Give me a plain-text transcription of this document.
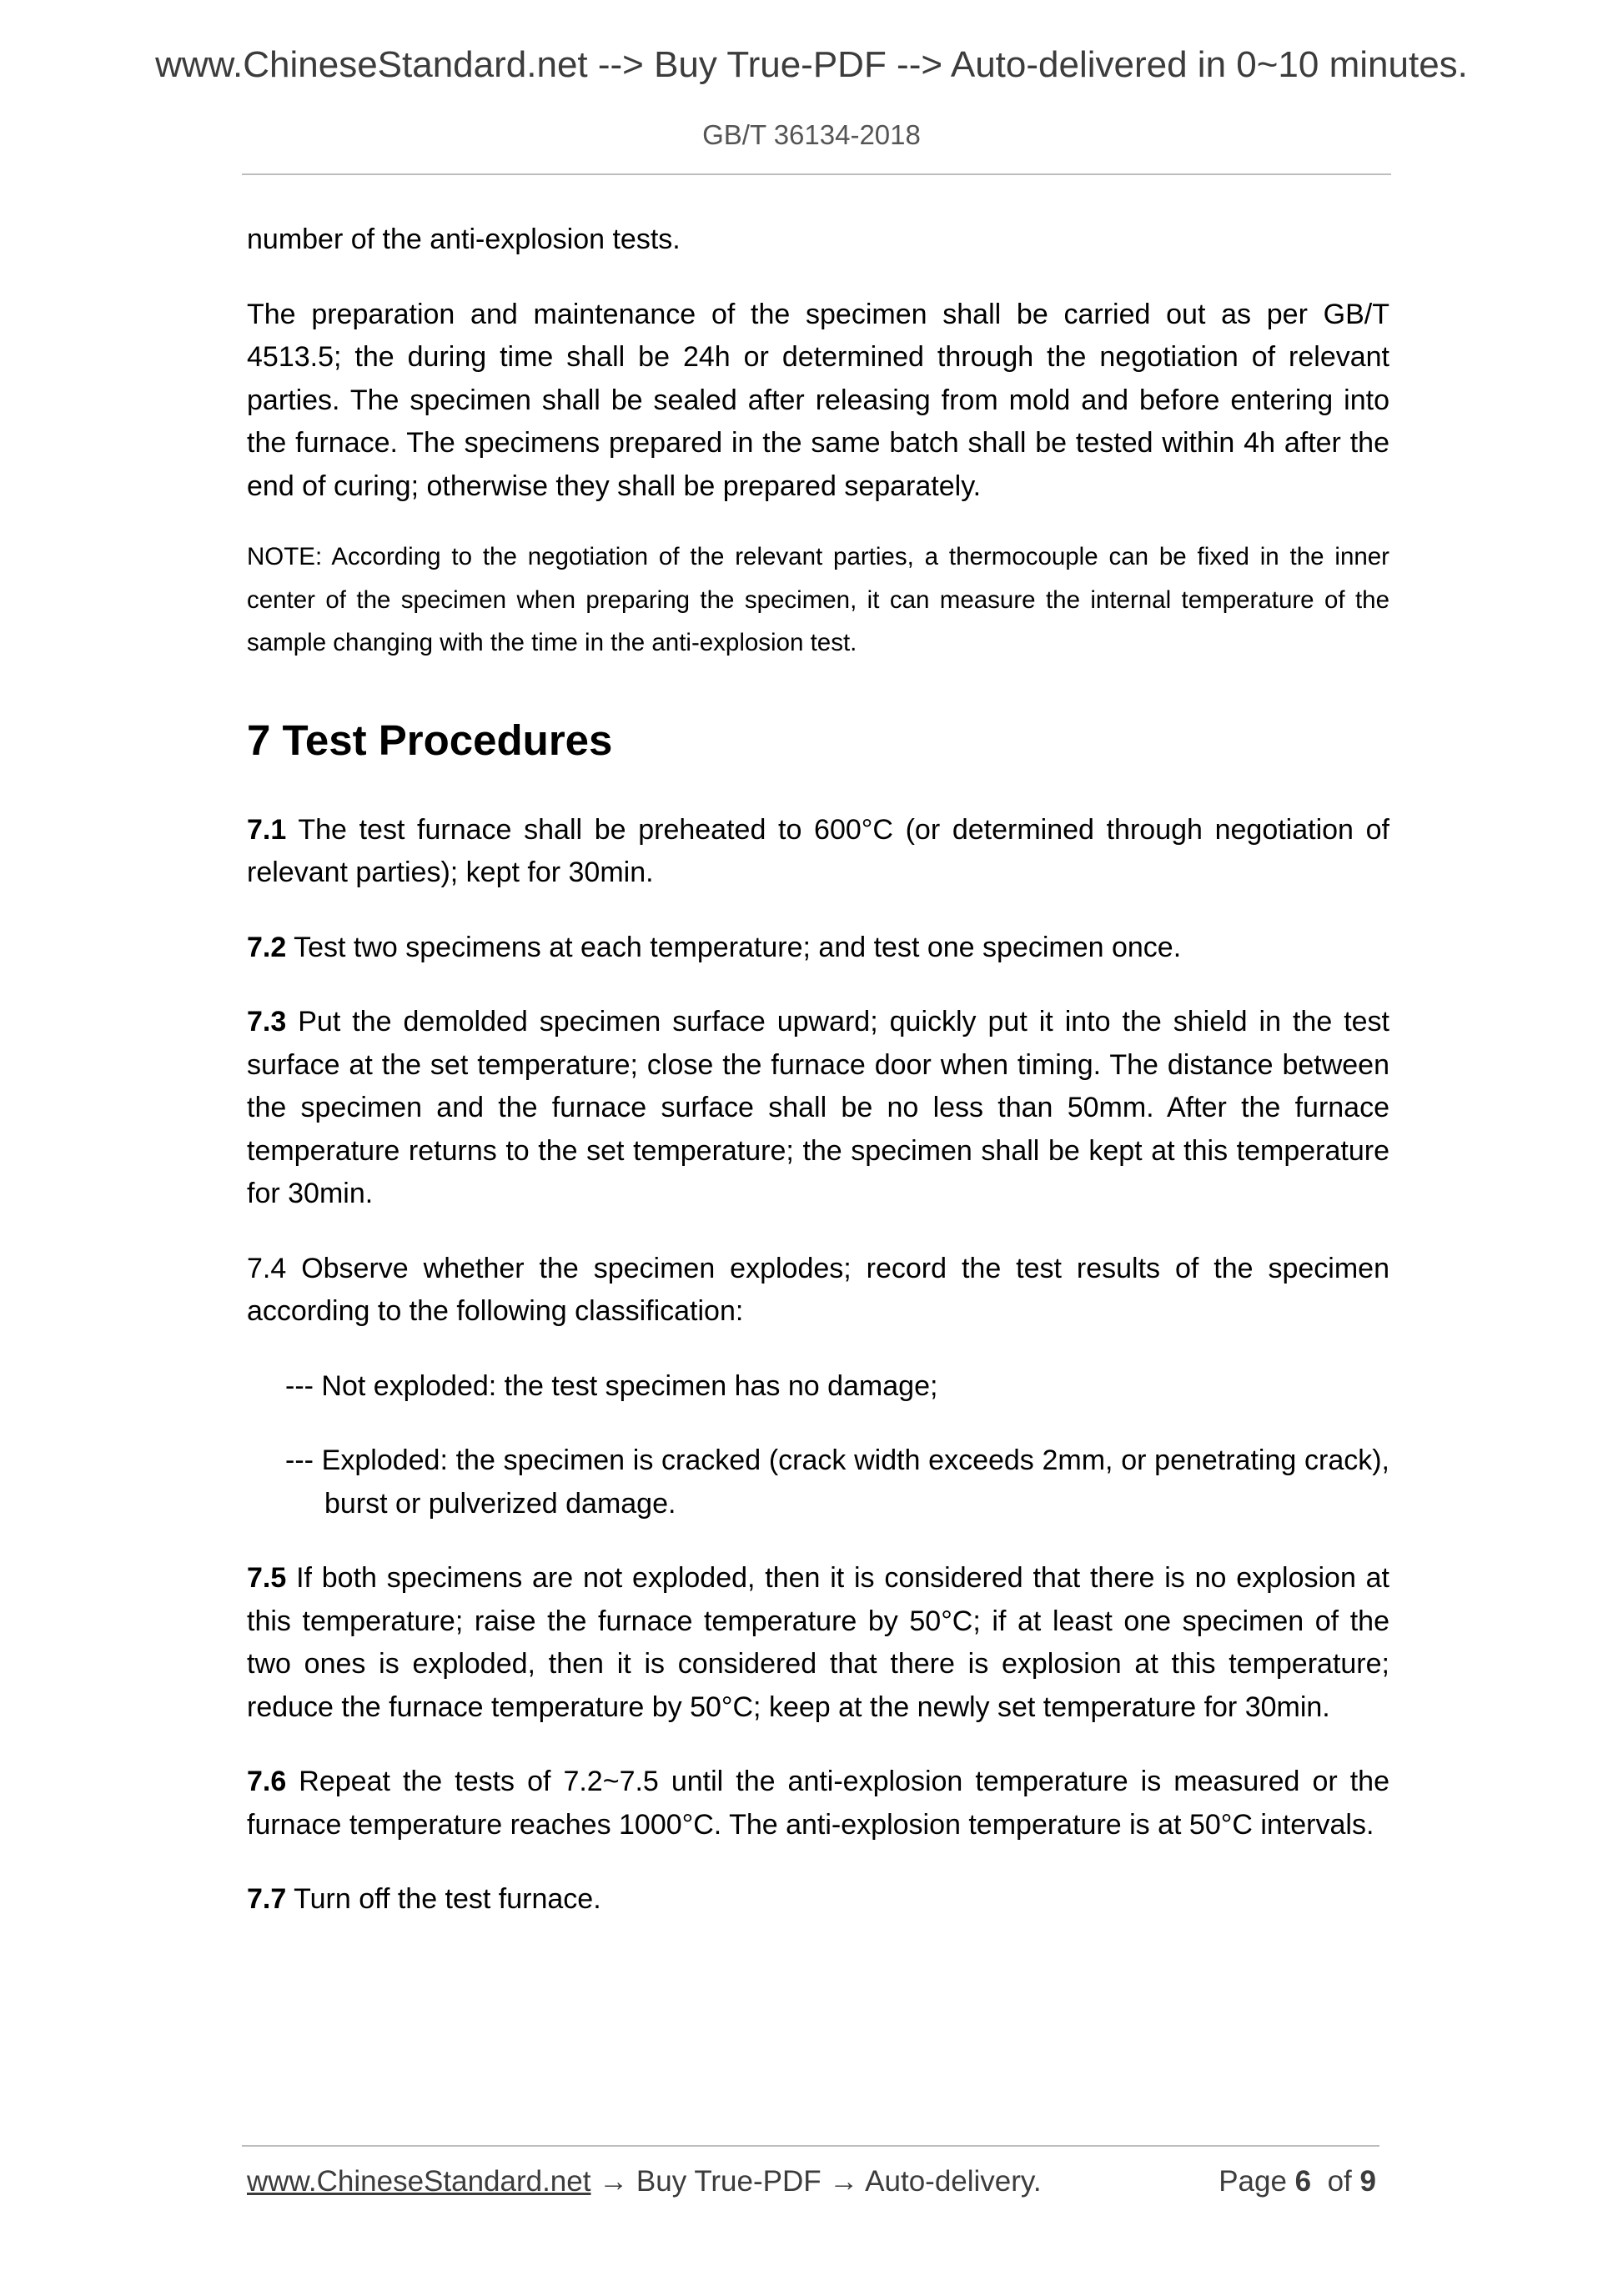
www.ChineseStandard.net --> Buy True-PDF --> Auto-delivered in 0~10 minutes.
GB/T 36134-2018

number of the anti-explosion tests.

The preparation and maintenance of the specimen shall be carried out as per GB/T 4513.5; the during time shall be 24h or determined through the negotiation of relevant parties. The specimen shall be sealed after releasing from mold and before entering into the furnace. The specimens prepared in the same batch shall be tested within 4h after the end of curing; otherwise they shall be prepared separately.

NOTE: According to the negotiation of the relevant parties, a thermocouple can be fixed in the inner center of the specimen when preparing the specimen, it can measure the internal temperature of the sample changing with the time in the anti-explosion test.

7 Test Procedures

7.1 The test furnace shall be preheated to 600°C (or determined through negotiation of relevant parties); kept for 30min.

7.2 Test two specimens at each temperature; and test one specimen once.

7.3 Put the demolded specimen surface upward; quickly put it into the shield in the test surface at the set temperature; close the furnace door when timing. The distance between the specimen and the furnace surface shall be no less than 50mm. After the furnace temperature returns to the set temperature; the specimen shall be kept at this temperature for 30min.

7.4 Observe whether the specimen explodes; record the test results of the specimen according to the following classification:

--- Not exploded: the test specimen has no damage;

--- Exploded: the specimen is cracked (crack width exceeds 2mm, or penetrating crack), burst or pulverized damage.

7.5 If both specimens are not exploded, then it is considered that there is no explosion at this temperature; raise the furnace temperature by 50°C; if at least one specimen of the two ones is exploded, then it is considered that there is explosion at this temperature; reduce the furnace temperature by 50°C; keep at the newly set temperature for 30min.

7.6 Repeat the tests of 7.2~7.5 until the anti-explosion temperature is measured or the furnace temperature reaches 1000°C. The anti-explosion temperature is at 50°C intervals.

7.7 Turn off the test furnace.

www.ChineseStandard.net → Buy True-PDF → Auto-delivery.	Page 6 of 9
